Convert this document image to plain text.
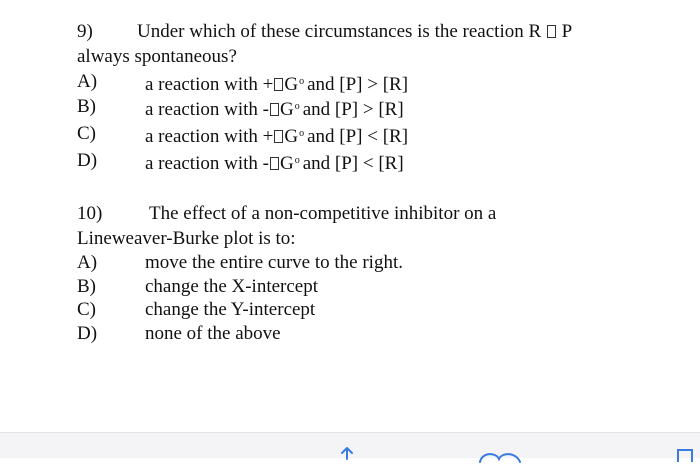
9) Under which of these circumstances is the reaction R P
always spontaneous?
A)	a reaction with + $G^o$ and [P] > [R]
B)	a reaction with - $G^o$ and [P] > [R]
C)	a reaction with + $G^o$ and [P] < [R]
D)	a reaction with - $G^o$ and [P] < [R]
10) The effect of a non-competitive inhibitor on a
Lineweaver-Burke plot is to:
A)	move the entire curve to the right.
B)	change the X-intercept
C)	change the Y-intercept
D)	none of the above
